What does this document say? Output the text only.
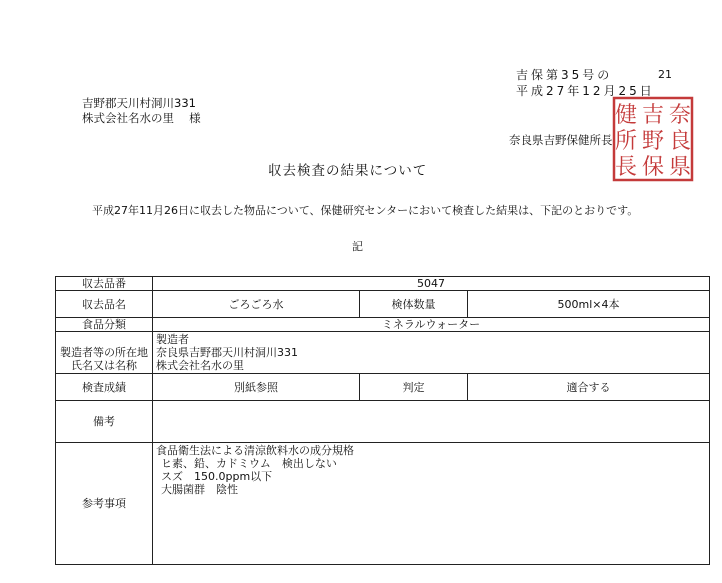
吉保第35号の	21
平成27年12月25日
吉野郡天川村洞川331
株式会社名水の里　 様
奈良県吉野保健所長
奈
良
県
吉
野
保
健
所
長
収去検査の結果について
平成27年11月26日に収去した物品について、保健研究センターにおいて検査した結果は、下記のとおりです。
記
収去品番	5047		
収去品名	ごろごろ水	検体数量	500ml×4本
食品分類	ミネラルウォーター		

製造者等の所在地
氏名又は名称	製造者
奈良県吉野郡天川村洞川331
株式会社名水の里		

検査成績	別紙参照	判定	適合する
備考			
参考事項	食品衛生法による清涼飲料水の成分規格
ヒ素、鉛、カドミウム　検出しない
スズ　150.0ppm以下
大腸菌群　陰性		
